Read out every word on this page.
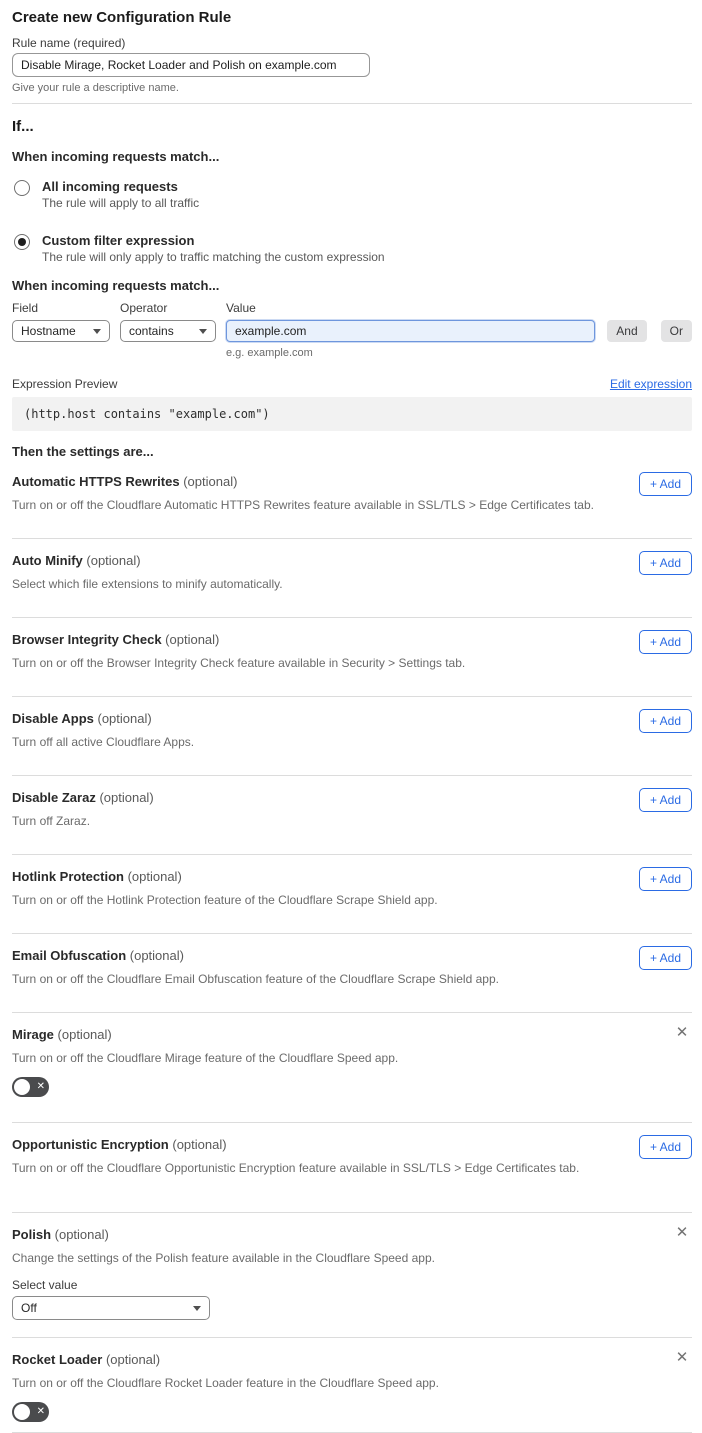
Create new Configuration Rule
Rule name (required)
Disable Mirage, Rocket Loader and Polish on example.com
Give your rule a descriptive name.
If...
When incoming requests match...
All incoming requests
The rule will apply to all traffic
Custom filter expression
The rule will only apply to traffic matching the custom expression
When incoming requests match...
Field
Hostname
Operator
contains
Value
example.com
e.g. example.com
And	Or
Expression Preview	Edit expression
(http.host contains "example.com")
Then the settings are...
Automatic HTTPS Rewrites (optional)
Turn on or off the Cloudflare Automatic HTTPS Rewrites feature available in SSL/TLS > Edge Certificates tab.
+ Add
Auto Minify (optional)
Select which file extensions to minify automatically.
+ Add
Browser Integrity Check (optional)
Turn on or off the Browser Integrity Check feature available in Security > Settings tab.
+ Add
Disable Apps (optional)
Turn off all active Cloudflare Apps.
+ Add
Disable Zaraz (optional)
Turn off Zaraz.
+ Add
Hotlink Protection (optional)
Turn on or off the Hotlink Protection feature of the Cloudflare Scrape Shield app.
+ Add
Email Obfuscation (optional)
Turn on or off the Cloudflare Email Obfuscation feature of the Cloudflare Scrape Shield app.
+ Add
Mirage (optional)
Turn on or off the Cloudflare Mirage feature of the Cloudflare Speed app.
✕
✕
Opportunistic Encryption (optional)
Turn on or off the Cloudflare Opportunistic Encryption feature available in SSL/TLS > Edge Certificates tab.
+ Add
Polish (optional)
Change the settings of the Polish feature available in the Cloudflare Speed app.
Select value
Off
✕
Rocket Loader (optional)
Turn on or off the Cloudflare Rocket Loader feature in the Cloudflare Speed app.
✕
✕
